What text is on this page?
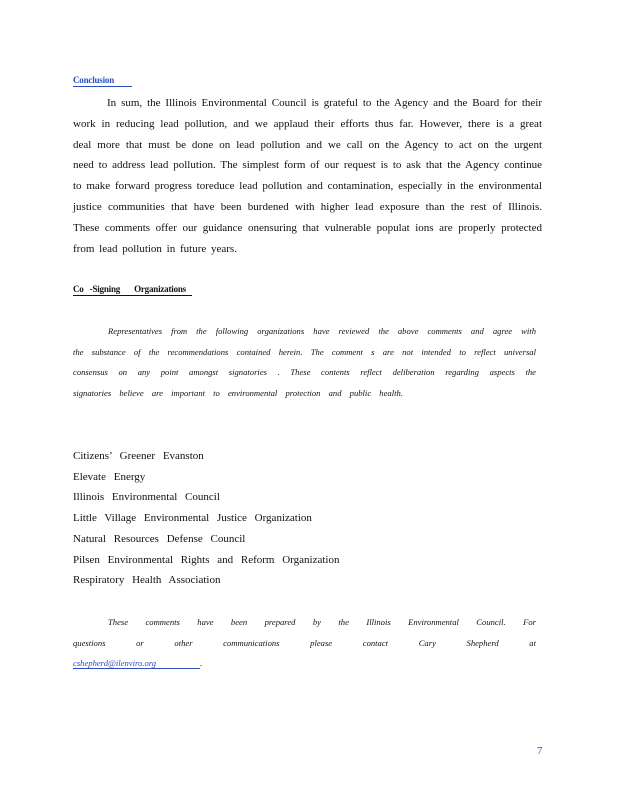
Conclusion

In sum, the Illinois Environmental Council is grateful to the Agency and the Board for their work in reducing lead pollution, and we applaud their efforts thus far. However, there is a great deal more that must be done on lead pollution and we call on the Agency to act on the urgent need to address lead pollution. The simplest form of our request is to ask that the Agency continue to make forward progress toreduce lead pollution and contamination, especially in the environmental justice communities that have been burdened with higher lead exposure than the rest of Illinois. These comments offer our guidance onensuring that vulnerable populat ions are properly protected from lead pollution in future years.

Co -Signing Organizations

Representatives from the following organizations have reviewed the above comments and agree with the substance of the recommendations contained herein. The comment s are not intended to reflect universal consensus on any point amongst signatories . These contents reflect deliberation regarding aspects the signatories believe are important to environmental protection and public health.

Citizens’ Greener Evanston
Elevate Energy
Illinois Environmental Council
Little Village Environmental Justice Organization
Natural Resources Defense Council
Pilsen Environmental Rights and Reform Organization
Respiratory Health Association

These comments have been prepared by the Illinois Environmental Council. For questions or other communications please contact Cary Shepherd at cshepherd@ilenviro.org	.

7
